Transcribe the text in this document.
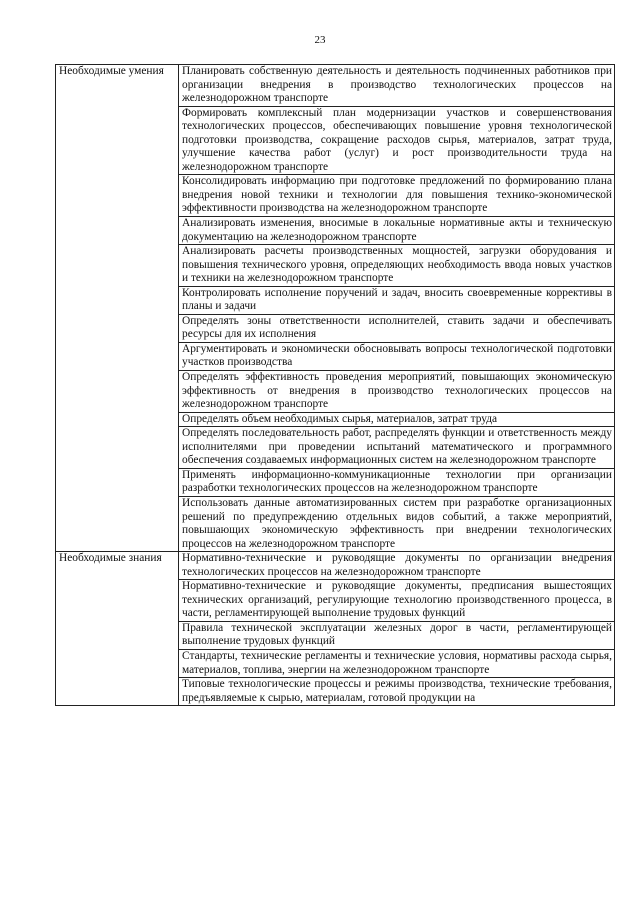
23
Необходимые умения	Планировать собственную деятельность и деятельность подчиненных работников при организации внедрения в производство технологических процессов на железнодорожном транспорте
	Формировать комплексный план модернизации участков и совершенствования технологических процессов, обеспечивающих повышение уровня технологической подготовки производства, сокращение расходов сырья, материалов, затрат труда, улучшение качества работ (услуг) и рост производительности труда на железнодорожном транспорте
	Консолидировать информацию при подготовке предложений по формированию плана внедрения новой техники и технологии для повышения технико-экономической эффективности производства на железнодорожном транспорте
	Анализировать изменения, вносимые в локальные нормативные акты и техническую документацию на железнодорожном транспорте
	Анализировать расчеты производственных мощностей, загрузки оборудования и повышения технического уровня, определяющих необходимость ввода новых участков и техники на железнодорожном транспорте
	Контролировать исполнение поручений и задач, вносить своевременные коррективы в планы и задачи
	Определять зоны ответственности исполнителей, ставить задачи и обеспечивать ресурсы для их исполнения
	Аргументировать и экономически обосновывать вопросы технологической подготовки участков производства
	Определять эффективность проведения мероприятий, повышающих экономическую эффективность от внедрения в производство технологических процессов на железнодорожном транспорте
	Определять объем необходимых сырья, материалов, затрат труда
	Определять последовательность работ, распределять функции и ответственность между исполнителями при проведении испытаний математического и программного обеспечения создаваемых информационных систем на железнодорожном транспорте
	Применять информационно-коммуникационные технологии при организации разработки технологических процессов на железнодорожном транспорте
	Использовать данные автоматизированных систем при разработке организационных решений по предупреждению отдельных видов событий, а также мероприятий, повышающих экономическую эффективность при внедрении технологических процессов на железнодорожном транспорте
Необходимые знания	Нормативно-технические и руководящие документы по организации внедрения технологических процессов на железнодорожном транспорте
	Нормативно-технические и руководящие документы, предписания вышестоящих технических организаций, регулирующие технологию производственного процесса, в части, регламентирующей выполнение трудовых функций
	Правила технической эксплуатации железных дорог в части, регламентирующей выполнение трудовых функций
	Стандарты, технические регламенты и технические условия, нормативы расхода сырья, материалов, топлива, энергии на железнодорожном транспорте
	Типовые технологические процессы и режимы производства, технические требования, предъявляемые к сырью, материалам, готовой продукции на
